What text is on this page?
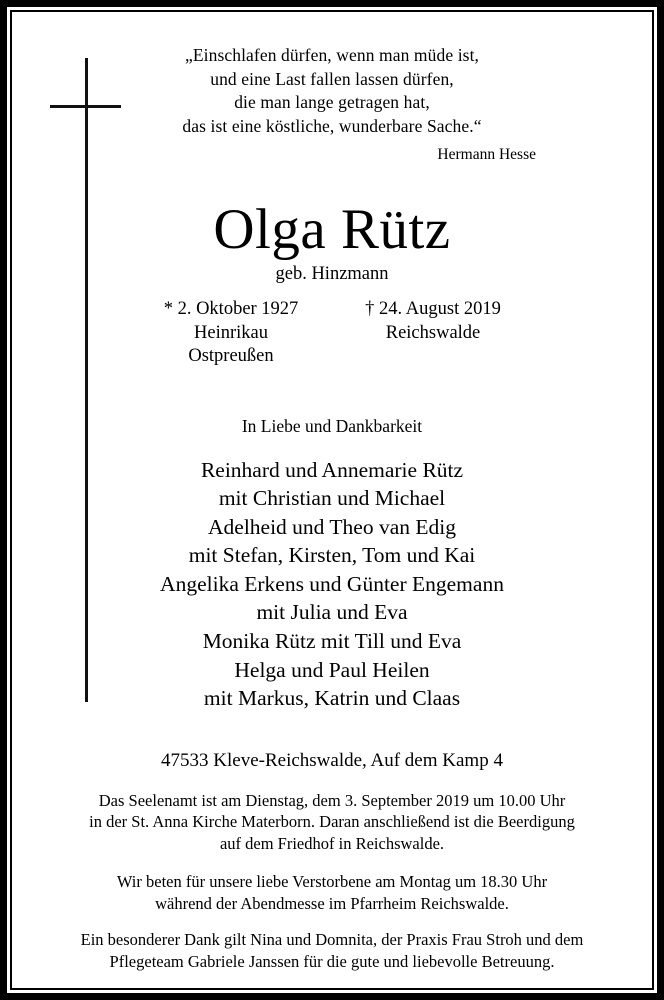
„Einschlafen dürfen, wenn man müde ist,
und eine Last fallen lassen dürfen,
die man lange getragen hat,
das ist eine köstliche, wunderbare Sache.“
Hermann Hesse
Olga Rütz
geb. Hinzmann
* 2. Oktober 1927
Heinrikau
Ostpreußen
† 24. August 2019
Reichswalde
In Liebe und Dankbarkeit
Reinhard und Annemarie Rütz
mit Christian und Michael
Adelheid und Theo van Edig
mit Stefan, Kirsten, Tom und Kai
Angelika Erkens und Günter Engemann
mit Julia und Eva
Monika Rütz mit Till und Eva
Helga und Paul Heilen
mit Markus, Katrin und Claas
47533 Kleve-Reichswalde, Auf dem Kamp 4
Das Seelenamt ist am Dienstag, dem 3. September 2019 um 10.00 Uhr
in der St. Anna Kirche Materborn. Daran anschließend ist die Beerdigung
auf dem Friedhof in Reichswalde.
Wir beten für unsere liebe Verstorbene am Montag um 18.30 Uhr
während der Abendmesse im Pfarrheim Reichswalde.
Ein besonderer Dank gilt Nina und Domnita, der Praxis Frau Stroh und dem
Pflegeteam Gabriele Janssen für die gute und liebevolle Betreuung.
